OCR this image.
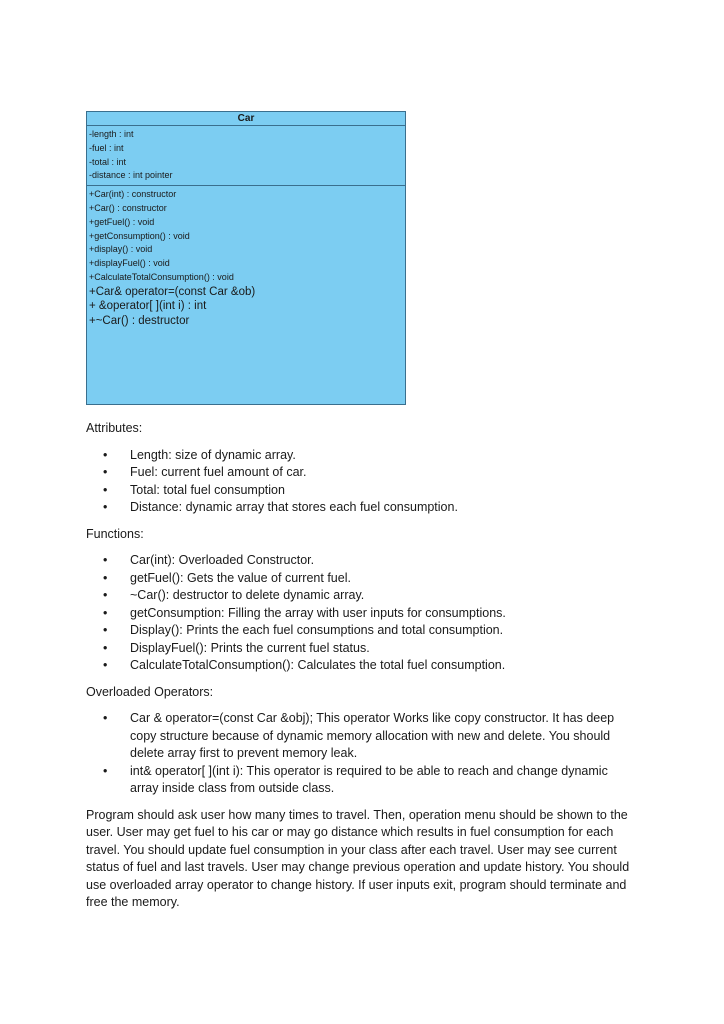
Car
-length : int
-fuel : int
-total : int
-distance : int pointer
+Car(int) : constructor
+Car() : constructor
+getFuel() : void
+getConsumption() : void
+display() : void
+displayFuel() : void
+CalculateTotalConsumption() : void
+Car& operator=(const Car &ob)
+ &operator[ ](int i) : int
+~Car() : destructor

Attributes:

• Length: size of dynamic array.
• Fuel: current fuel amount of car.
• Total: total fuel consumption
• Distance: dynamic array that stores each fuel consumption.

Functions:

• Car(int): Overloaded Constructor.
• getFuel(): Gets the value of current fuel.
• ~Car(): destructor to delete dynamic array.
• getConsumption: Filling the array with user inputs for consumptions.
• Display(): Prints the each fuel consumptions and total consumption.
• DisplayFuel(): Prints the current fuel status.
• CalculateTotalConsumption(): Calculates the total fuel consumption.

Overloaded Operators:

• Car & operator=(const Car &obj); This operator Works like copy constructor. It has deep copy structure because of dynamic memory allocation with new and delete. You should delete array first to prevent memory leak.
• int& operator[ ](int i): This operator is required to be able to reach and change dynamic array inside class from outside class.

Program should ask user how many times to travel. Then, operation menu should be shown to the user. User may get fuel to his car or may go distance which results in fuel consumption for each travel. You should update fuel consumption in your class after each travel. User may see current status of fuel and last travels. User may change previous operation and update history. You should use overloaded array operator to change history. If user inputs exit, program should terminate and free the memory.
